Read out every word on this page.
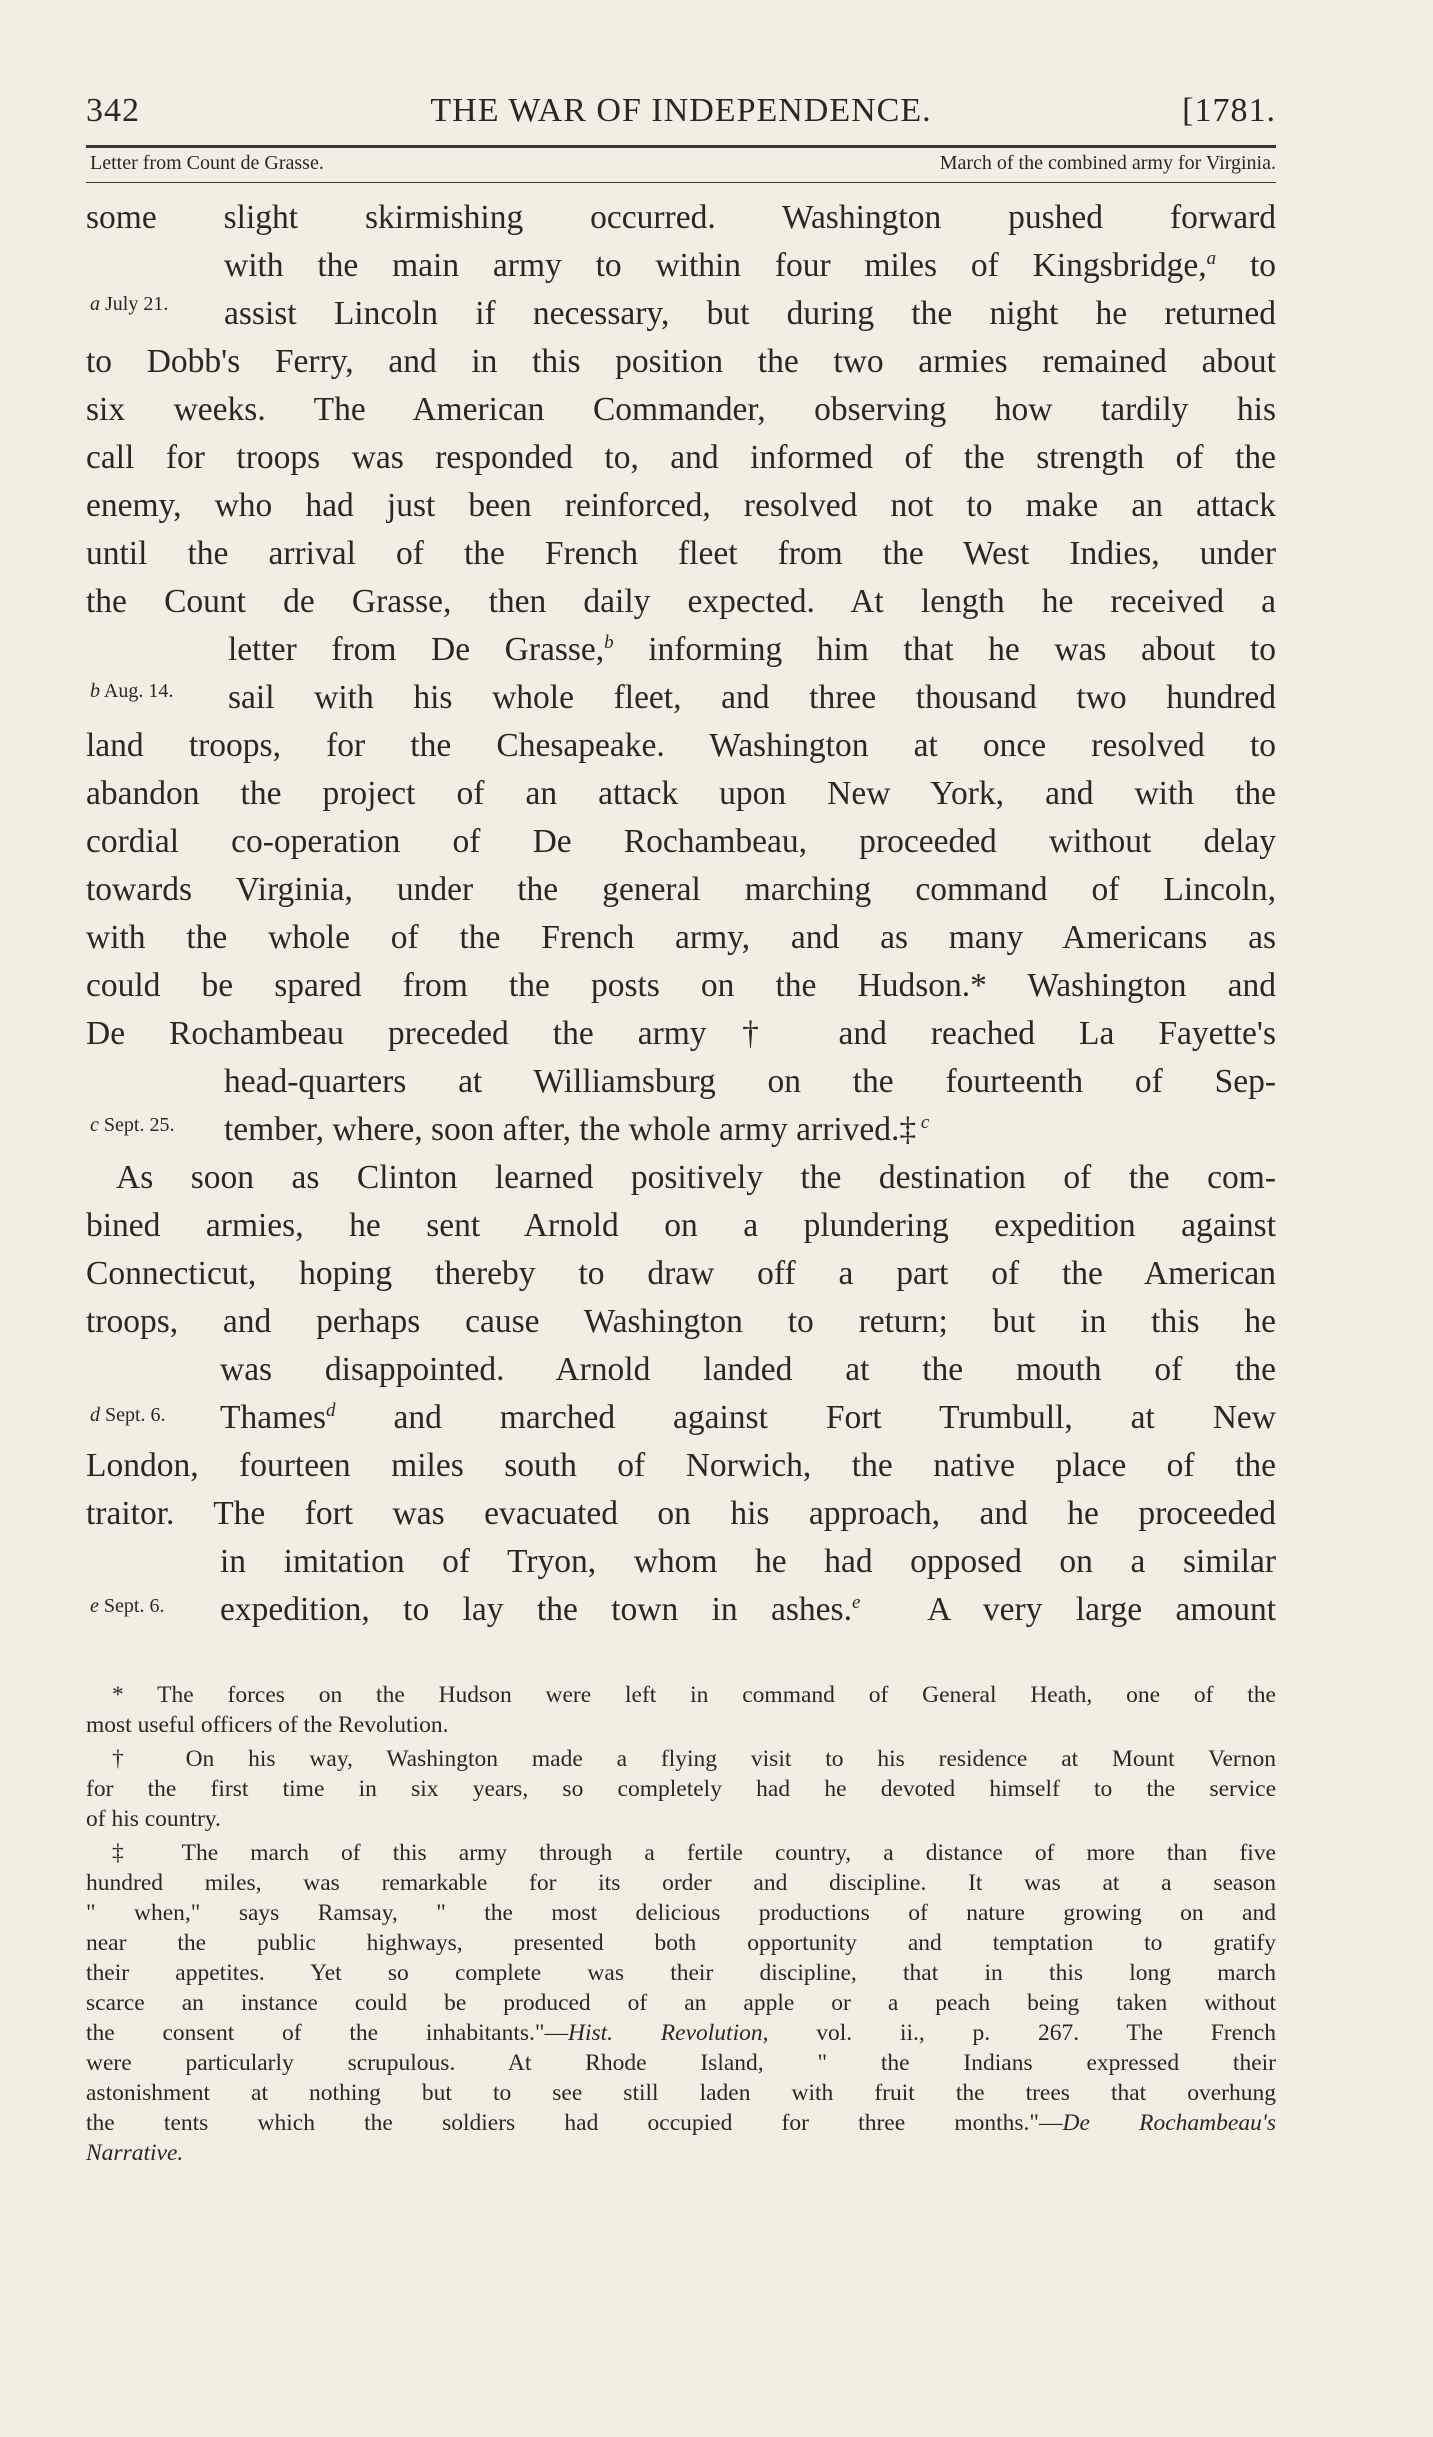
342	THE WAR OF INDEPENDENCE.	[1781.
Letter from Count de Grasse.	March of the combined army for Virginia.
a July 21.
b Aug. 14.
c Sept. 25.
d Sept. 6.
e Sept. 6.
some slight skirmishing occurred. Washington pushed forward
with the main army to within four miles of Kingsbridge,$^a$ to
assist Lincoln if necessary, but during the night he returned
to Dobb's Ferry, and in this position the two armies remained about
six weeks. The American Commander, observing how tardily his
call for troops was responded to, and informed of the strength of the
enemy, who had just been reinforced, resolved not to make an attack
until the arrival of the French fleet from the West Indies, under
the Count de Grasse, then daily expected. At length he received a
letter from De Grasse,$^b$ informing him that he was about to
sail with his whole fleet, and three thousand two hundred
land troops, for the Chesapeake. Washington at once resolved to
abandon the project of an attack upon New York, and with the
cordial co-operation of De Rochambeau, proceeded without delay
towards Virginia, under the general marching command of Lincoln,
with the whole of the French army, and as many Americans as
could be spared from the posts on the Hudson.* Washington and
De Rochambeau preceded the army† and reached La Fayette's
head-quarters at Williamsburg on the fourteenth of Sep-
tember, where, soon after, the whole army arrived.‡ $^c$
As soon as Clinton learned positively the destination of the com-
bined armies, he sent Arnold on a plundering expedition against
Connecticut, hoping thereby to draw off a part of the American
troops, and perhaps cause Washington to return; but in this he
was disappointed. Arnold landed at the mouth of the
Thames$^d$ and marched against Fort Trumbull, at New
London, fourteen miles south of Norwich, the native place of the
traitor. The fort was evacuated on his approach, and he proceeded
in imitation of Tryon, whom he had opposed on a similar
expedition, to lay the town in ashes.$^e$ A very large amount
* The forces on the Hudson were left in command of General Heath, one of the
most useful officers of the Revolution.
† On his way, Washington made a flying visit to his residence at Mount Vernon
for the first time in six years, so completely had he devoted himself to the service
of his country.
‡ The march of this army through a fertile country, a distance of more than five
hundred miles, was remarkable for its order and discipline. It was at a season
" when," says Ramsay, " the most delicious productions of nature growing on and
near the public highways, presented both opportunity and temptation to gratify
their appetites. Yet so complete was their discipline, that in this long march
scarce an instance could be produced of an apple or a peach being taken without
the consent of the inhabitants."—Hist. Revolution, vol. ii., p. 267. The French
were particularly scrupulous. At Rhode Island, " the Indians expressed their
astonishment at nothing but to see still laden with fruit the trees that overhung
the tents which the soldiers had occupied for three months."—De Rochambeau's
Narrative.
